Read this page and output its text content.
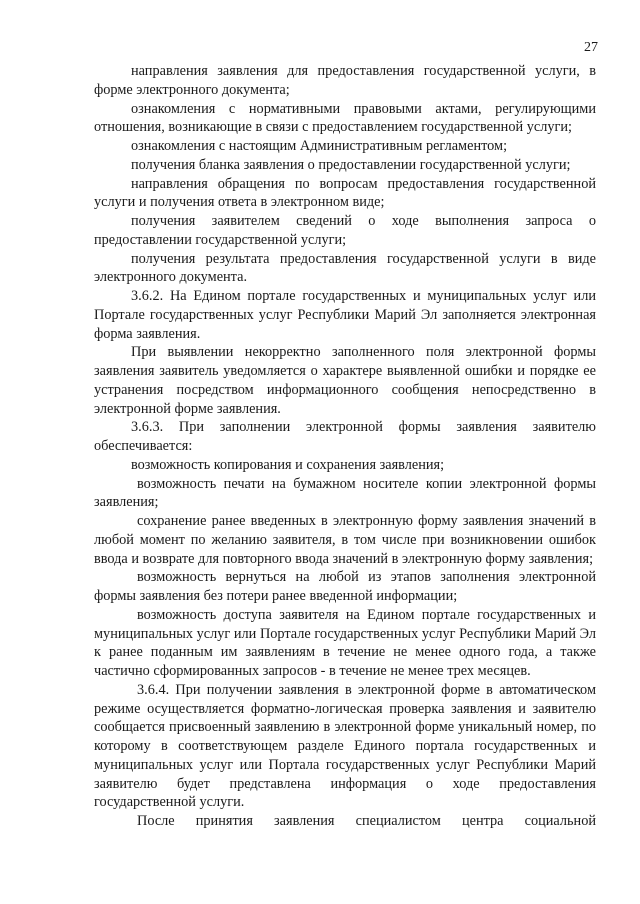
27

направления заявления для предоставления государственной услуги, в форме электронного документа;

ознакомления с нормативными правовыми актами, регулирующими отношения, возникающие в связи с предоставлением государственной услуги;

ознакомления с настоящим Административным регламентом;

получения бланка заявления о предоставлении государственной услуги;

направления обращения по вопросам предоставления государственной услуги и получения ответа в электронном виде;

получения заявителем сведений о ходе выполнения запроса о предоставлении государственной услуги;

получения результата предоставления государственной услуги в виде электронного документа.

3.6.2. На Едином портале государственных и муниципальных услуг или Портале государственных услуг Республики Марий Эл заполняется электронная форма заявления.

При выявлении некорректно заполненного поля электронной формы заявления заявитель уведомляется о характере выявленной ошибки и порядке ее устранения посредством информационного сообщения непосредственно в электронной форме заявления.

3.6.3. При заполнении электронной формы заявления заявителю обеспечивается:

возможность копирования и сохранения заявления;

возможность печати на бумажном носителе копии электронной формы заявления;

сохранение ранее введенных в электронную форму заявления значений в любой момент по желанию заявителя, в том числе при возникновении ошибок ввода и возврате для повторного ввода значений в электронную форму заявления;

возможность вернуться на любой из этапов заполнения электронной формы заявления без потери ранее введенной информации;

возможность доступа заявителя на Едином портале государственных и муниципальных услуг или Портале государственных услуг Республики Марий Эл к ранее поданным им заявлениям в течение не менее одного года, а также частично сформированных запросов - в течение не менее трех месяцев.

3.6.4. При получении заявления в электронной форме в автоматическом режиме осуществляется форматно-логическая проверка заявления и заявителю сообщается присвоенный заявлению в электронной форме уникальный номер, по которому в соответствующем разделе Единого портала государственных и муниципальных услуг или Портала государственных услуг Республики Марий заявителю будет представлена информация о ходе предоставления государственной услуги.

После принятия заявления специалистом центра социальной
